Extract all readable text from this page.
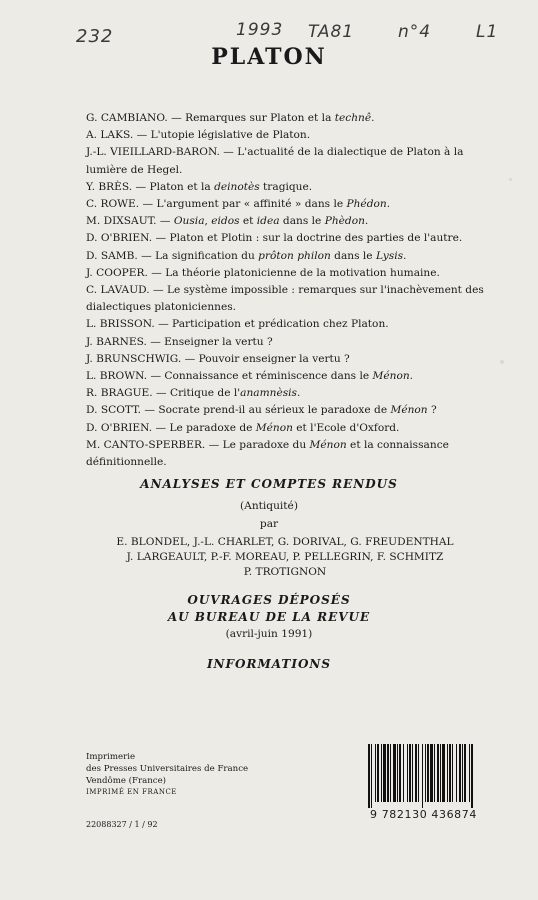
232	1993 TA81	n°4	L1
PLATON
G. CAMBIANO. — Remarques sur Platon et la technê.
A. LAKS. — L'utopie législative de Platon.
J.-L. VIEILLARD-BARON. — L'actualité de la dialectique de Platon à la lumière de Hegel.
Y. BRÈS. — Platon et la deinotès tragique.
C. ROWE. — L'argument par « affinité » dans le Phédon.
M. DIXSAUT. — Ousia, eidos et idea dans le Phèdon.
D. O'BRIEN. — Platon et Plotin : sur la doctrine des parties de l'autre.
D. SAMB. — La signification du prôton philon dans le Lysis.
J. COOPER. — La théorie platonicienne de la motivation humaine.
C. LAVAUD. — Le système impossible : remarques sur l'inachèvement des dialectiques platoniciennes.
L. BRISSON. — Participation et prédication chez Platon.
J. BARNES. — Enseigner la vertu ?
J. BRUNSCHWIG. — Pouvoir enseigner la vertu ?
L. BROWN. — Connaissance et réminiscence dans le Ménon.
R. BRAGUE. — Critique de l'anamnèsis.
D. SCOTT. — Socrate prend-il au sérieux le paradoxe de Ménon ?
D. O'BRIEN. — Le paradoxe de Ménon et l'Ecole d'Oxford.
M. CANTO-SPERBER. — Le paradoxe du Ménon et la connaissance définitionnelle.
ANALYSES ET COMPTES RENDUS
(Antiquité)
par
E. BLONDEL, J.-L. CHARLET, G. DORIVAL, G. FREUDENTHAL
J. LARGEAULT, P.-F. MOREAU, P. PELLEGRIN, F. SCHMITZ
P. TROTIGNON
OUVRAGES DÉPOSÉS
AU BUREAU DE LA REVUE
(avril-juin 1991)
INFORMATIONS
Imprimerie
des Presses Universitaires de France
Vendôme (France)
IMPRIMÉ EN FRANCE
22088327 / 1 / 92
9 782130 436874
